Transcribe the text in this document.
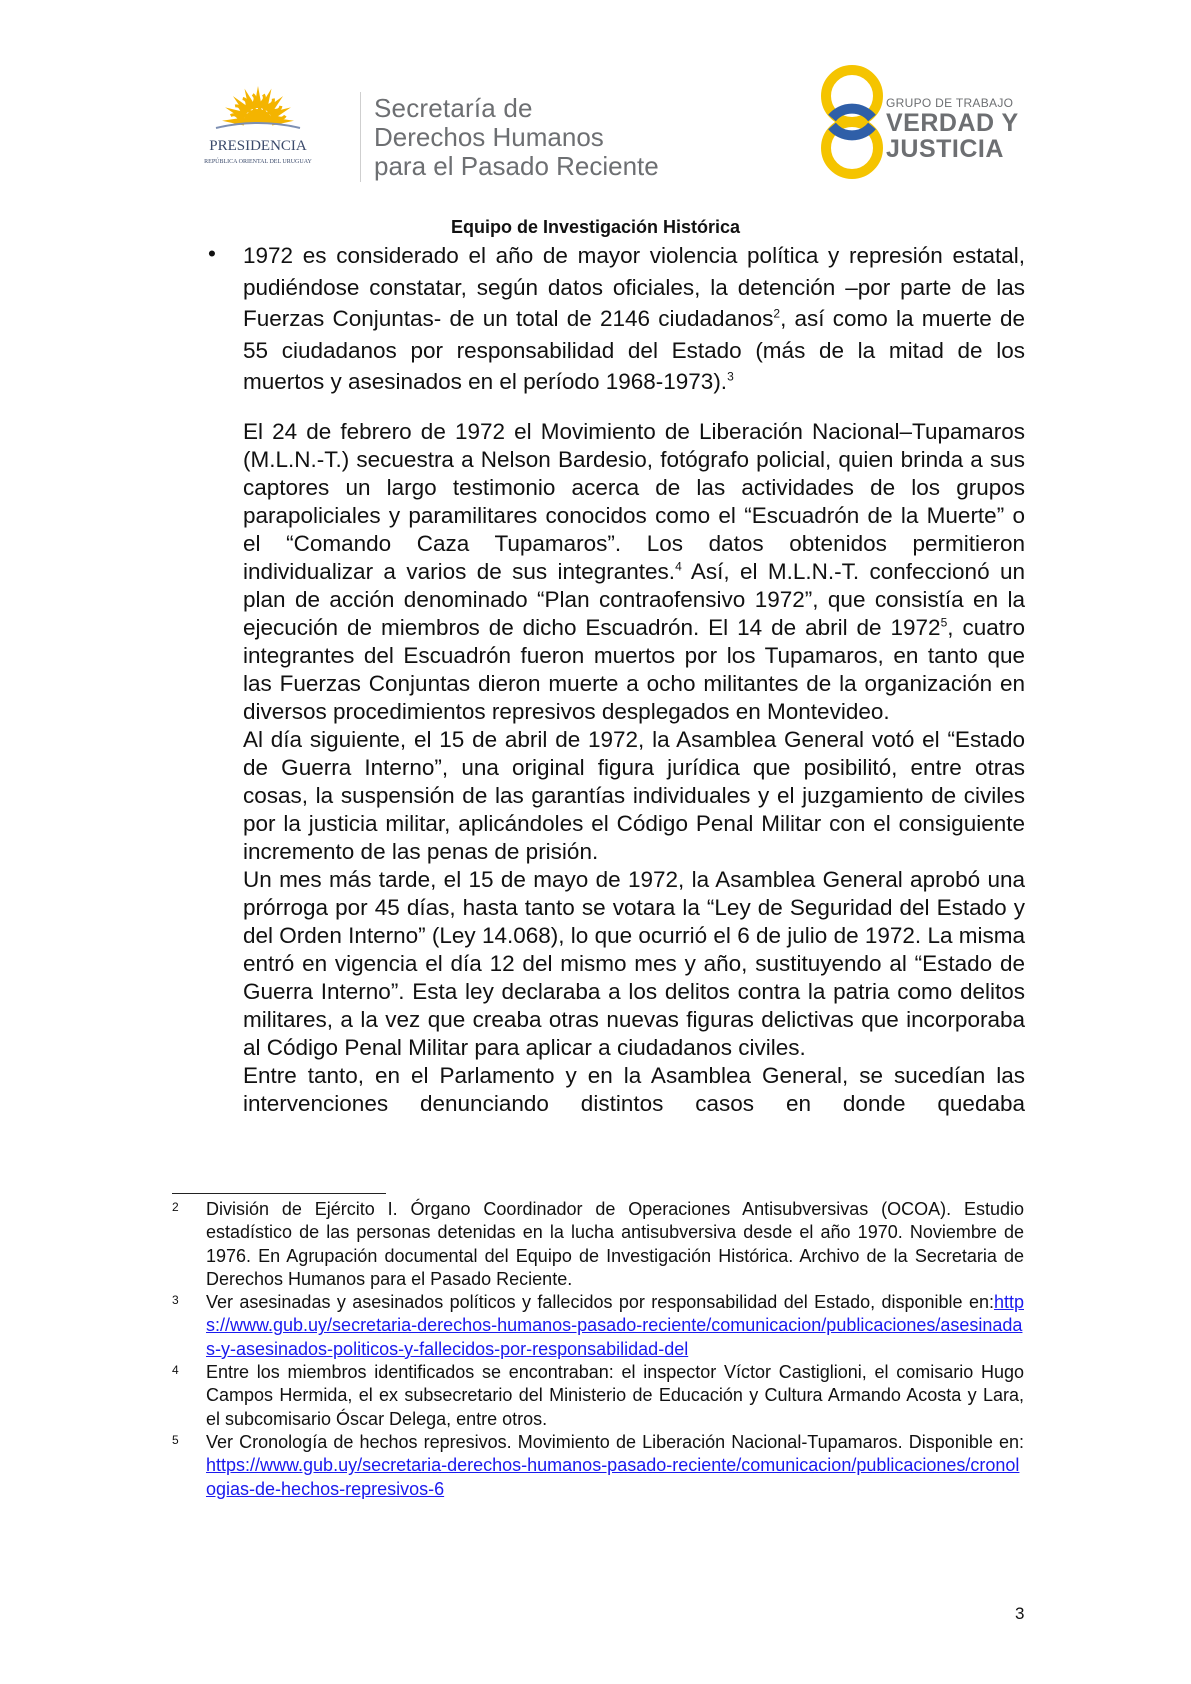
PRESIDENCIA
REPÚBLICA ORIENTAL DEL URUGUAY
Secretaría de
Derechos Humanos
para el Pasado Reciente
GRUPO DE TRABAJO
VERDAD Y
JUSTICIA
Equipo de Investigación Histórica
• 1972 es considerado el año de mayor violencia política y represión estatal, pudiéndose constatar, según datos oficiales, la detención –por parte de las Fuerzas Conjuntas- de un total de 2146 ciudadanos$^2$, así como la muerte de 55 ciudadanos por responsabilidad del Estado (más de la mitad de los muertos y asesinados en el período 1968-1973).$^3$

El 24 de febrero de 1972 el Movimiento de Liberación Nacional–Tupamaros (M.L.N.-T.) secuestra a Nelson Bardesio, fotógrafo policial, quien brinda a sus captores un largo testimonio acerca de las actividades de los grupos parapoliciales y paramilitares conocidos como el “Escuadrón de la Muerte” o el “Comando Caza Tupamaros”. Los datos obtenidos permitieron individualizar a varios de sus integrantes.$^4$ Así, el M.L.N.-T. confeccionó un plan de acción denominado “Plan contraofensivo 1972”, que consistía en la ejecución de miembros de dicho Escuadrón. El 14 de abril de 1972$^5$, cuatro integrantes del Escuadrón fueron muertos por los Tupamaros, en tanto que las Fuerzas Conjuntas dieron muerte a ocho militantes de la organización en diversos procedimientos represivos desplegados en Montevideo.

Al día siguiente, el 15 de abril de 1972, la Asamblea General votó el “Estado de Guerra Interno”, una original figura jurídica que posibilitó, entre otras cosas, la suspensión de las garantías individuales y el juzgamiento de civiles por la justicia militar, aplicándoles el Código Penal Militar con el consiguiente incremento de las penas de prisión.

Un mes más tarde, el 15 de mayo de 1972, la Asamblea General aprobó una prórroga por 45 días, hasta tanto se votara la “Ley de Seguridad del Estado y del Orden Interno” (Ley 14.068), lo que ocurrió el 6 de julio de 1972. La misma entró en vigencia el día 12 del mismo mes y año, sustituyendo al “Estado de Guerra Interno”. Esta ley declaraba a los delitos contra la patria como delitos militares, a la vez que creaba otras nuevas figuras delictivas que incorporaba al Código Penal Militar para aplicar a ciudadanos civiles.

Entre tanto, en el Parlamento y en la Asamblea General, se sucedían las intervenciones denunciando distintos casos en donde quedaba

2 División de Ejército I. Órgano Coordinador de Operaciones Antisubversivas (OCOA). Estudio estadístico de las personas detenidas en la lucha antisubversiva desde el año 1970. Noviembre de 1976. En Agrupación documental del Equipo de Investigación Histórica. Archivo de la Secretaria de Derechos Humanos para el Pasado Reciente.
3 Ver asesinadas y asesinados políticos y fallecidos por responsabilidad del Estado, disponible en:https://www.gub.uy/secretaria-derechos-humanos-pasado-reciente/comunicacion/publicaciones/asesinadas-y-asesinados-politicos-y-fallecidos-por-responsabilidad-del
4 Entre los miembros identificados se encontraban: el inspector Víctor Castiglioni, el comisario Hugo Campos Hermida, el ex subsecretario del Ministerio de Educación y Cultura Armando Acosta y Lara, el subcomisario Óscar Delega, entre otros.
5 Ver Cronología de hechos represivos. Movimiento de Liberación Nacional-Tupamaros. Disponible en:
https://www.gub.uy/secretaria-derechos-humanos-pasado-reciente/comunicacion/publicaciones/cronologias-de-hechos-represivos-6
3
